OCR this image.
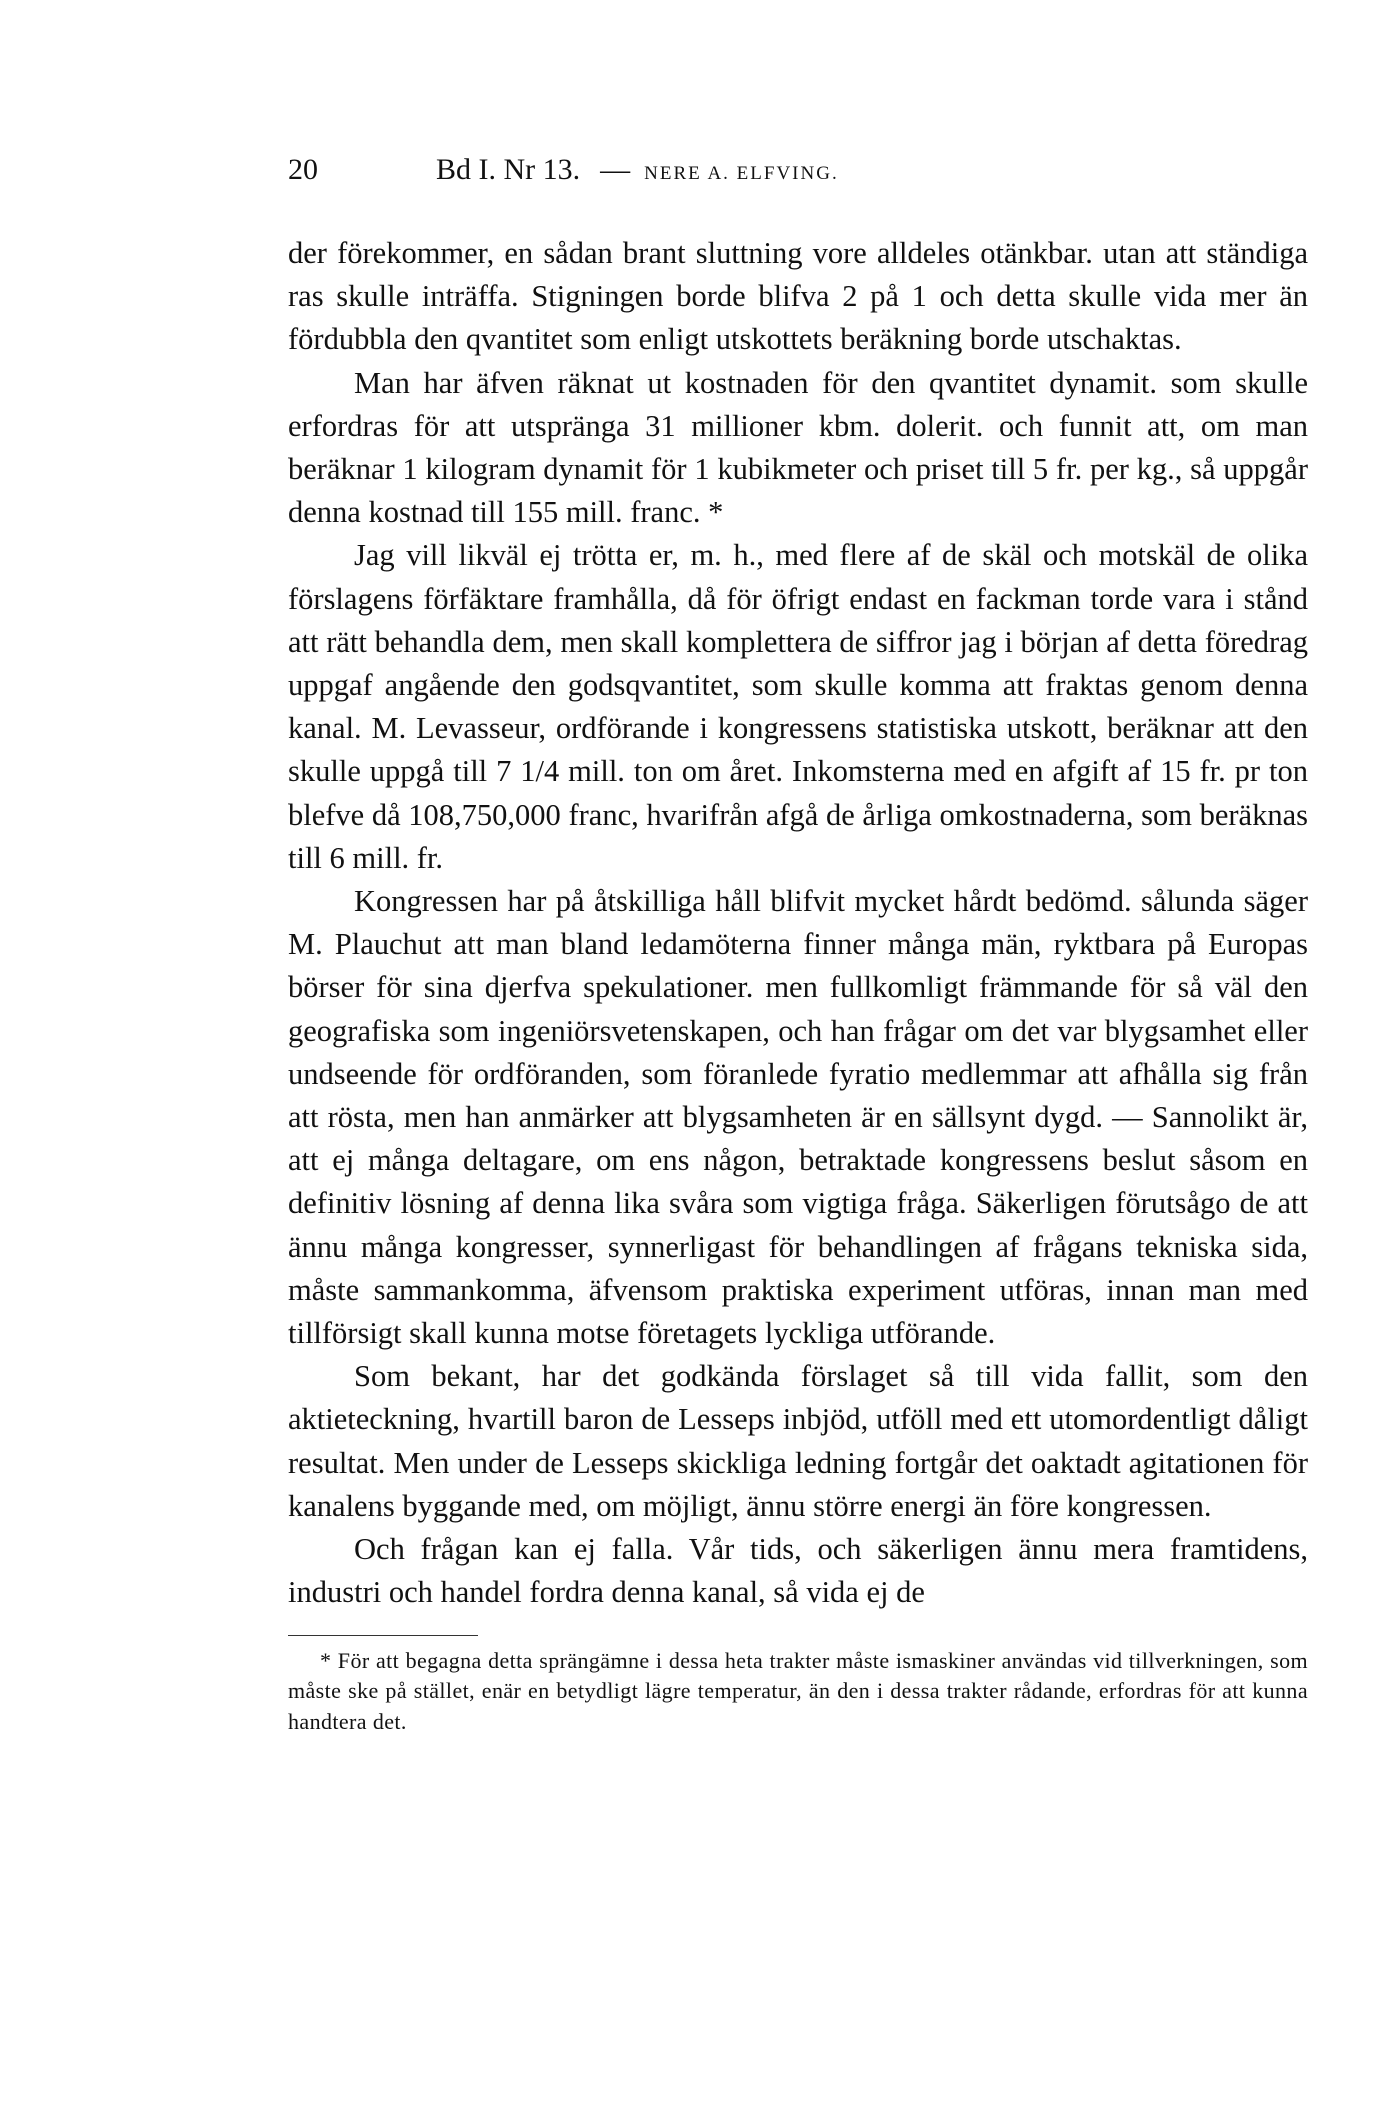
20	Bd I. Nr 13. — NERE A. ELFVING.

der förekommer, en sådan brant sluttning vore alldeles otänkbar. utan att ständiga ras skulle inträffa. Stigningen borde blifva 2 på 1 och detta skulle vida mer än fördubbla den qvantitet som enligt utskottets beräkning borde utschaktas.

Man har äfven räknat ut kostnaden för den qvantitet dynamit. som skulle erfordras för att utspränga 31 millioner kbm. dolerit. och funnit att, om man beräknar 1 kilogram dynamit för 1 kubikmeter och priset till 5 fr. per kg., så uppgår denna kostnad till 155 mill. franc. *

Jag vill likväl ej trötta er, m. h., med flere af de skäl och motskäl de olika förslagens förfäktare framhålla, då för öfrigt endast en fackman torde vara i stånd att rätt behandla dem, men skall komplettera de siffror jag i början af detta föredrag uppgaf angående den godsqvantitet, som skulle komma att fraktas genom denna kanal. M. Levasseur, ordförande i kongressens statistiska utskott, beräknar att den skulle uppgå till 7 1/4 mill. ton om året. Inkomsterna med en afgift af 15 fr. pr ton blefve då 108,750,000 franc, hvarifrån afgå de årliga omkostnaderna, som beräknas till 6 mill. fr.

Kongressen har på åtskilliga håll blifvit mycket hårdt bedömd. sålunda säger M. Plauchut att man bland ledamöterna finner många män, ryktbara på Europas börser för sina djerfva spekulationer. men fullkomligt främmande för så väl den geografiska som ingeniörsvetenskapen, och han frågar om det var blygsamhet eller undseende för ordföranden, som föranlede fyratio medlemmar att afhålla sig från att rösta, men han anmärker att blygsamheten är en sällsynt dygd. — Sannolikt är, att ej många deltagare, om ens någon, betraktade kongressens beslut såsom en definitiv lösning af denna lika svåra som vigtiga fråga. Säkerligen förutsågo de att ännu många kongresser, synnerligast för behandlingen af frågans tekniska sida, måste sammankomma, äfvensom praktiska experiment utföras, innan man med tillförsigt skall kunna motse företagets lyckliga utförande.

Som bekant, har det godkända förslaget så till vida fallit, som den aktieteckning, hvartill baron de Lesseps inbjöd, utföll med ett utomordentligt dåligt resultat. Men under de Lesseps skickliga ledning fortgår det oaktadt agitationen för kanalens byggande med, om möjligt, ännu större energi än före kongressen.

Och frågan kan ej falla. Vår tids, och säkerligen ännu mera framtidens, industri och handel fordra denna kanal, så vida ej de

* För att begagna detta sprängämne i dessa heta trakter måste ismaskiner användas vid tillverkningen, som måste ske på stället, enär en betydligt lägre temperatur, än den i dessa trakter rådande, erfordras för att kunna handtera det.
